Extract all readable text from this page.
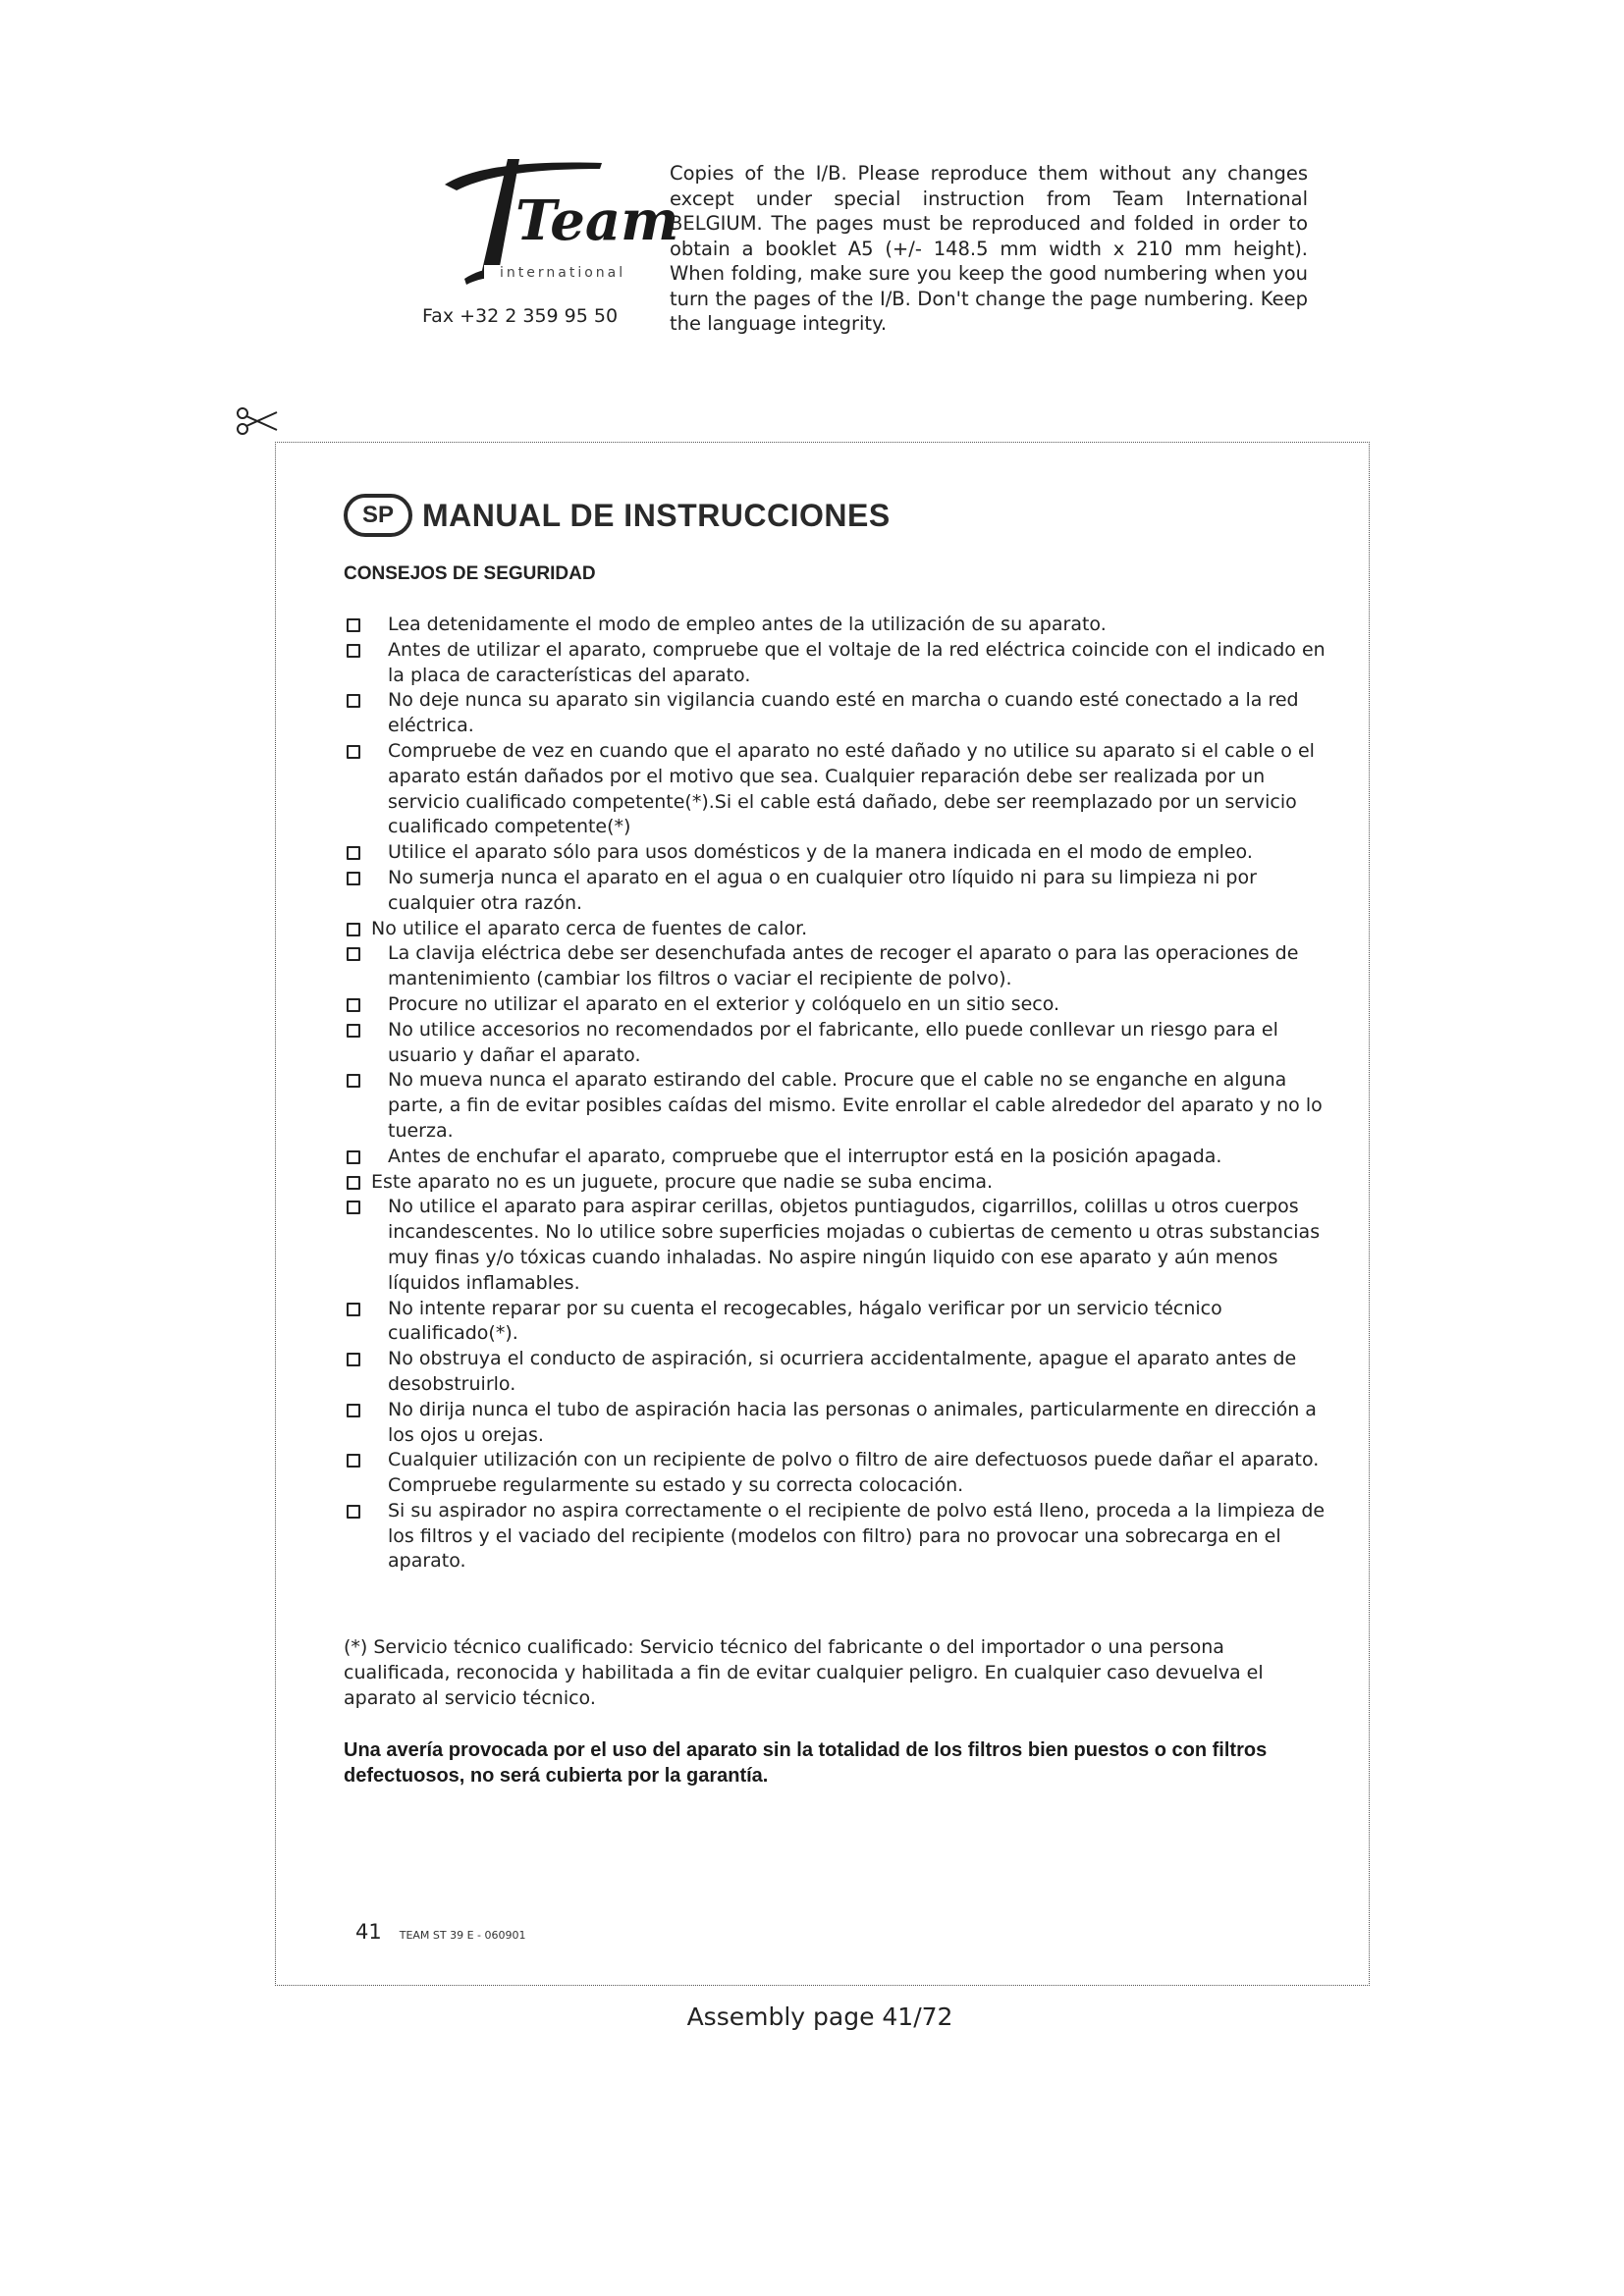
Team
international
Fax +32 2 359 95 50
Copies of the I/B. Please reproduce them without any changes except under special instruction from Team International BELGIUM. The pages must be reproduced and folded in order to obtain a booklet A5 (+/- 148.5 mm width x 210 mm height). When folding, make sure you keep the good numbering when you turn the pages of the I/B. Don't change the page numbering. Keep the language integrity.
SP MANUAL DE INSTRUCCIONES
CONSEJOS DE SEGURIDAD
Lea detenidamente el modo de empleo antes de la utilización de su aparato.
Antes de utilizar el aparato, compruebe que el voltaje de la red eléctrica coincide con el indicado en la placa de características del aparato.
No deje nunca su aparato sin vigilancia cuando esté en marcha o cuando esté conectado a la red eléctrica.
Compruebe de vez en cuando que el aparato no esté dañado y no utilice su aparato si el cable o el aparato están dañados por el motivo que sea. Cualquier reparación debe ser realizada por un servicio cualificado competente(*).Si el cable está dañado, debe ser reemplazado por un servicio cualificado competente(*)
Utilice el aparato sólo para usos domésticos y de la manera indicada en el modo de empleo.
No sumerja nunca el aparato en el agua o en cualquier otro líquido ni para su limpieza ni por cualquier otra razón.
No utilice el aparato cerca de fuentes de calor.
La clavija eléctrica debe ser desenchufada antes de recoger el aparato o para las operaciones de mantenimiento (cambiar los filtros o vaciar el recipiente de polvo).
Procure no utilizar el aparato en el exterior y colóquelo en un sitio seco.
No utilice accesorios no recomendados por el fabricante, ello puede conllevar un riesgo para el usuario y dañar el aparato.
No mueva nunca el aparato estirando del cable. Procure que el cable no se enganche en alguna parte, a fin de evitar posibles caídas del mismo. Evite enrollar el cable alrededor del aparato y no lo tuerza.
Antes de enchufar el aparato, compruebe que el interruptor está en la posición apagada.
Este aparato no es un juguete, procure que nadie se suba encima.
No utilice el aparato para aspirar cerillas, objetos puntiagudos, cigarrillos, colillas u otros cuerpos incandescentes. No lo utilice sobre superficies mojadas o cubiertas de cemento u otras substancias muy finas y/o tóxicas cuando inhaladas. No aspire ningún liquido con ese aparato y aún menos líquidos inflamables.
No intente reparar por su cuenta el recogecables, hágalo verificar por un servicio técnico cualificado(*).
No obstruya el conducto de aspiración, si ocurriera accidentalmente, apague el aparato antes de desobstruirlo.
No dirija nunca el tubo de aspiración hacia las personas o animales, particularmente en dirección a los ojos u orejas.
Cualquier utilización con un recipiente de polvo o filtro de aire defectuosos puede dañar el aparato. Compruebe regularmente su estado y su correcta colocación.
Si su aspirador no aspira correctamente o el recipiente de polvo está lleno, proceda a la limpieza de los filtros y el vaciado del recipiente (modelos con filtro) para no provocar una sobrecarga en el aparato.
(*) Servicio técnico cualificado: Servicio técnico del fabricante o del importador o una persona cualificada, reconocida y habilitada a fin de evitar cualquier peligro. En cualquier caso devuelva el aparato al servicio técnico.
Una avería provocada por el uso del aparato sin la totalidad de los filtros bien puestos o con filtros defectuosos, no será cubierta por la garantía.
41 TEAM ST 39 E - 060901
Assembly page 41/72
